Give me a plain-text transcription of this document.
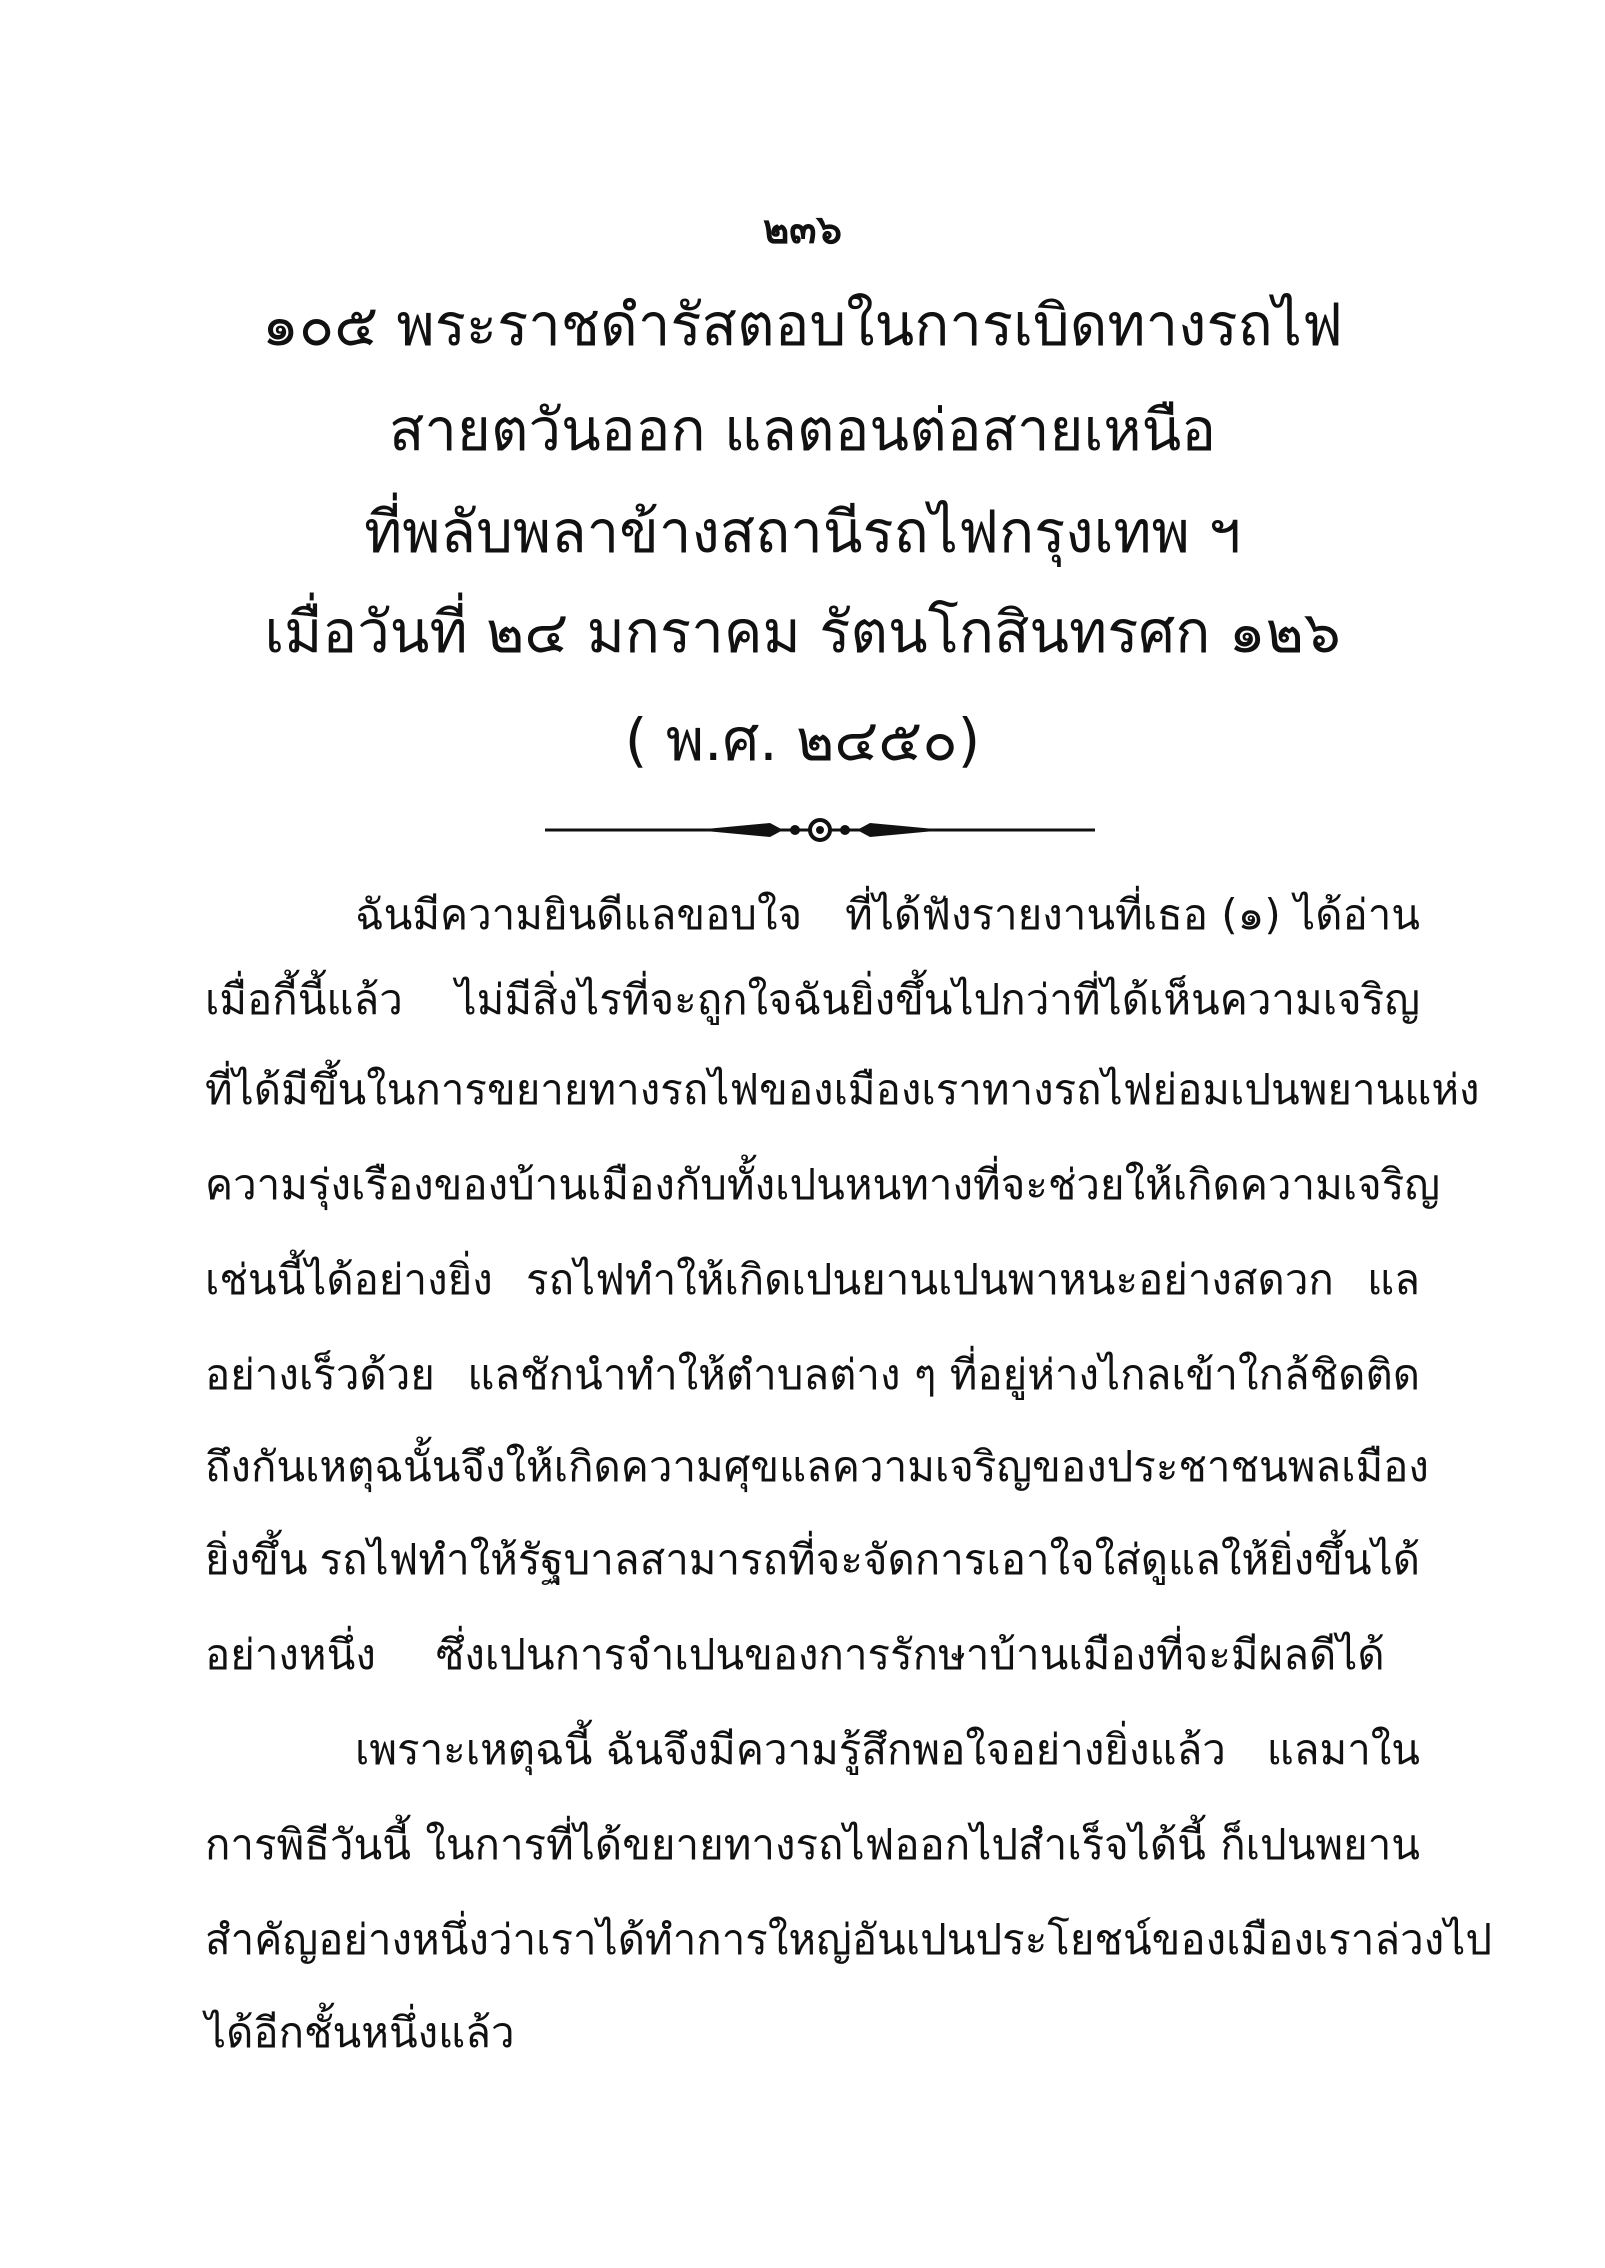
๒๓๖
๑๐๕ พระราชดำรัสตอบในการเบิดทางรถไฟ
สายตวันออก แลตอนต่อสายเหนือ
ที่พลับพลาข้างสถานีรถไฟกรุงเทพ ฯ
เมื่อวันที่ ๒๔ มกราคม รัตนโกสินทรศก ๑๒๖
( พ.ศ. ๒๔๕๐)
ฉันมีความยินดีแลขอบใจ ที่ได้ฟังรายงานที่เธอ (๑) ได้อ่าน
เมื่อกี้นี้แล้ว ไม่มีสิ่งไรที่จะถูกใจฉันยิ่งขึ้นไปกว่าที่ได้เห็นความเจริญ
ที่ได้มีขึ้นในการขยายทางรถไฟของเมืองเรา ทางรถไฟย่อมเปนพยานแห่ง
ความรุ่งเรืองของบ้านเมือง กับทั้งเปนหนทางที่จะช่วยให้เกิดความเจริญ
เช่นนี้ได้อย่างยิ่ง รถไฟทำให้เกิดเปนยานเปนพาหนะอย่างสดวก แล
อย่างเร็วด้วย แลชักนำทำให้ตำบลต่าง ๆ ที่อยู่ห่างไกลเข้าใกล้ชิดติด
ถึงกัน เหตุฉนั้นจึงให้เกิดความศุขแลความเจริญของประชาชนพลเมือง
ยิ่งขึ้น รถไฟทำให้รัฐบาลสามารถที่จะจัดการเอาใจใส่ดูแลให้ยิ่งขึ้นได้
อย่างหนึ่ง ซึ่งเปนการจำเปนของการรักษาบ้านเมืองที่จะมีผลดีได้
เพราะเหตุฉนี้ ฉันจึงมีความรู้สึกพอใจอย่างยิ่งแล้ว แลมาใน
การพิธีวันนี้ ในการที่ได้ขยายทางรถไฟออกไปสำเร็จได้นี้ ก็เปนพยาน
สำคัญอย่างหนึ่งว่า เราได้ทำการใหญ่อันเปนประโยชน์ของเมืองเราล่วงไป
ได้อีกชั้นหนึ่งแล้ว
